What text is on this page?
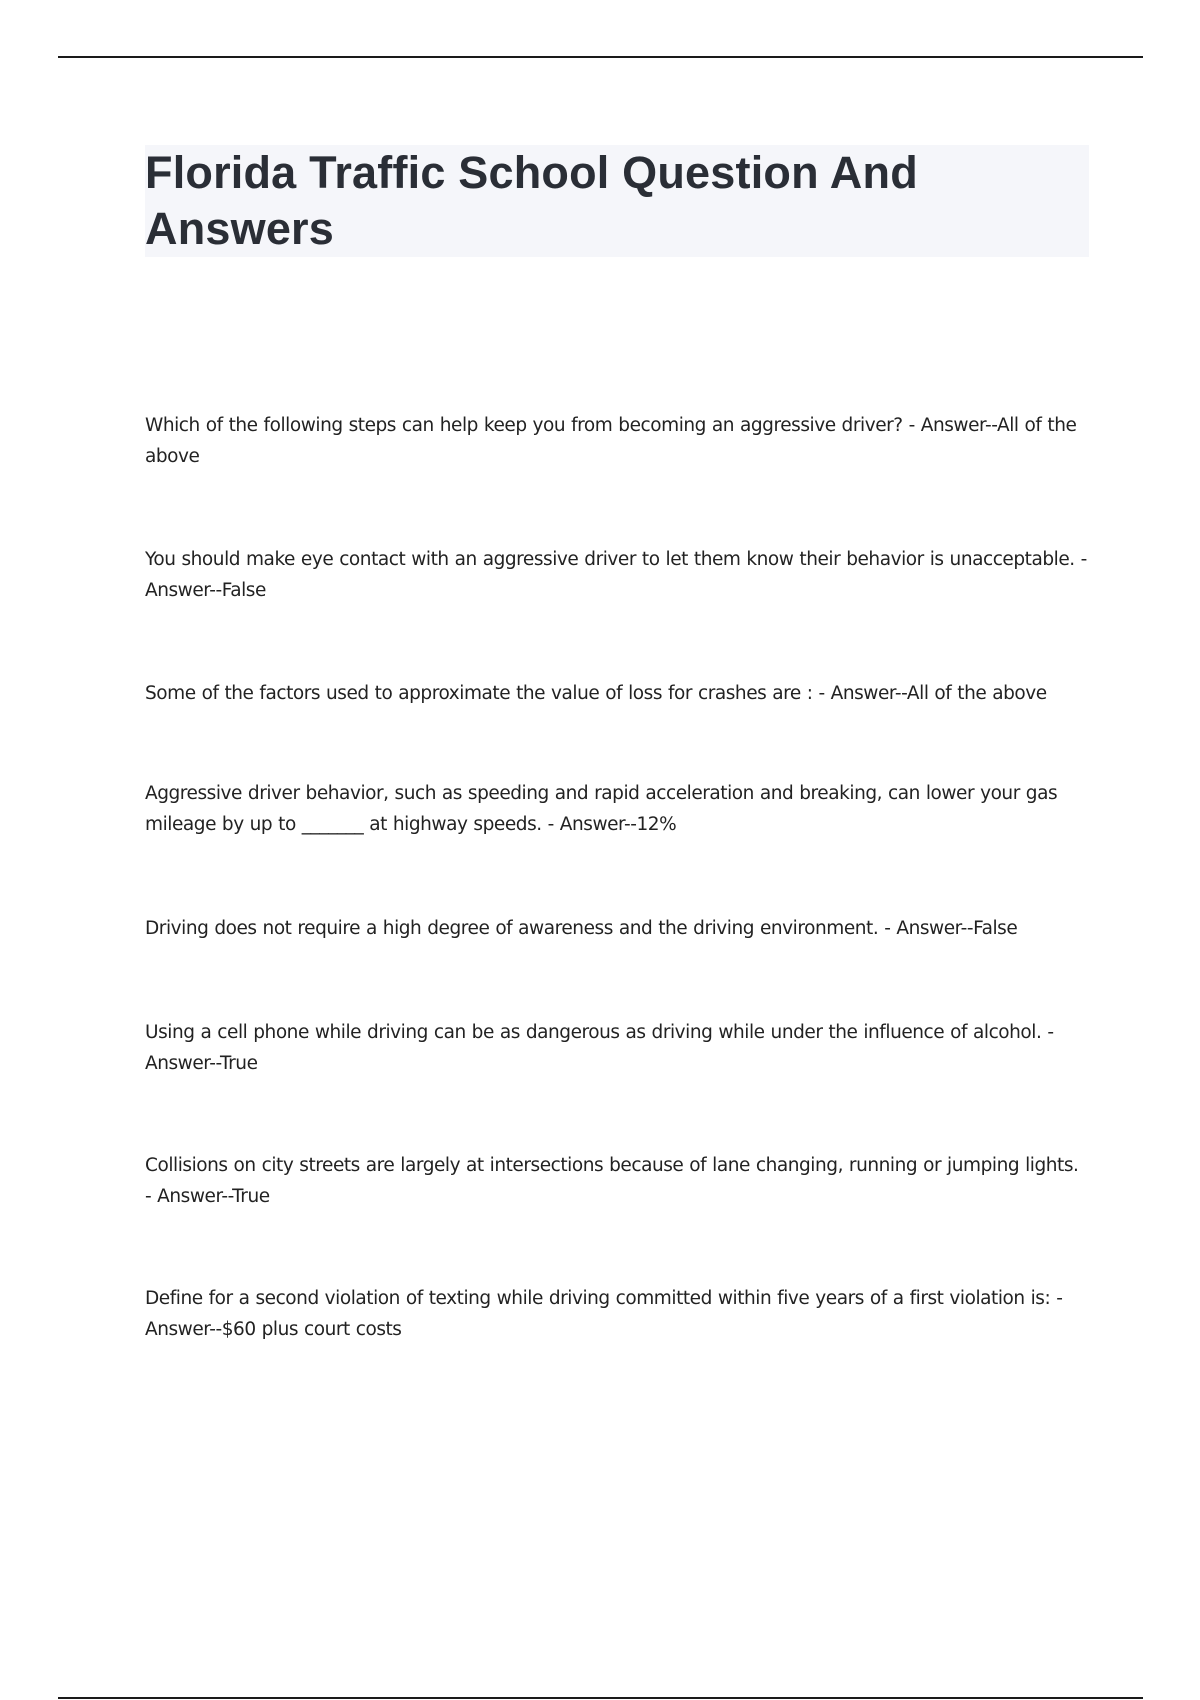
Florida Traffic School Question And Answers

Which of the following steps can help keep you from becoming an aggressive driver? - Answer--All of the above

You should make eye contact with an aggressive driver to let them know their behavior is unacceptable. - Answer--False

Some of the factors used to approximate the value of loss for crashes are : - Answer--All of the above

Aggressive driver behavior, such as speeding and rapid acceleration and breaking, can lower your gas mileage by up to _______ at highway speeds. - Answer--12%

Driving does not require a high degree of awareness and the driving environment. - Answer--False

Using a cell phone while driving can be as dangerous as driving while under the influence of alcohol. - Answer--True

Collisions on city streets are largely at intersections because of lane changing, running or jumping lights. - Answer--True

Define for a second violation of texting while driving committed within five years of a first violation is: - Answer--$60 plus court costs
